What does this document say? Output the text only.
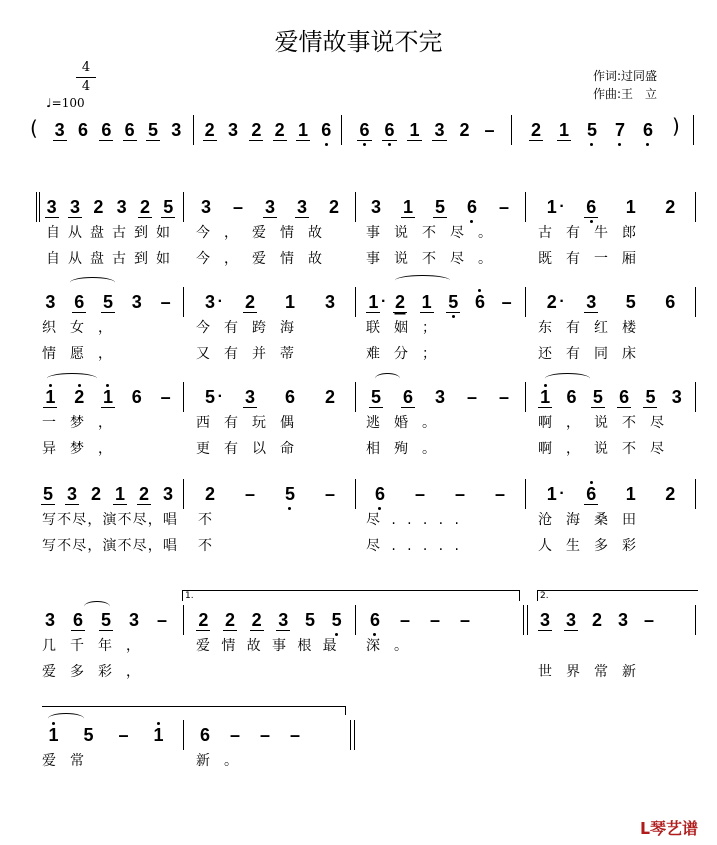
爱情故事说不完
4
4
♩=100
作词:过同盛
作曲:王　立
(	)
1.	2.
ᒪ琴艺谱
3 6 6 6 5 3 2 3 2 2 1 6 6 6 1 3 2 – 2 1 5 7 6
3 3 2 3 2 5
自从盘古到如
自从盘古到如
3 – 3 3 2
今，爱情故
今，爱情故
3 1 5 6 –
事说不尽。
事说不尽。
1 · 6 1 2
古有牛郎
既有一厢
3 6 5 3 –
织女，
情愿，
3 · 2 1 3
今有跨海
又有并蒂
1 · 2 1 5 6 –
联姻；
难分；
2 · 3 5 6
东有红楼
还有同床
1 2 1 6 –
一梦，
异梦，
5 · 3 6 2
西有玩偶
更有以命
5 6 3 – –
逃婚。
相殉。
1 6 5 6 5 3
啊，说不尽
啊，说不尽
5 3 2 1 2 3
写不尽，演不尽，唱
写不尽，演不尽，唱
2 – 5 –
不
不
6 – – –
尽.....
尽.....
1 · 6 1 2
沧海桑田
人生多彩
3 6 5 3 –
几千年，
爱多彩，
2 2 2 3 5 5
爱情故事根最
6 – – –
深。
3 3 2 3 –
世界常新
1 5 – 1
爱常
6 – – –
新。
